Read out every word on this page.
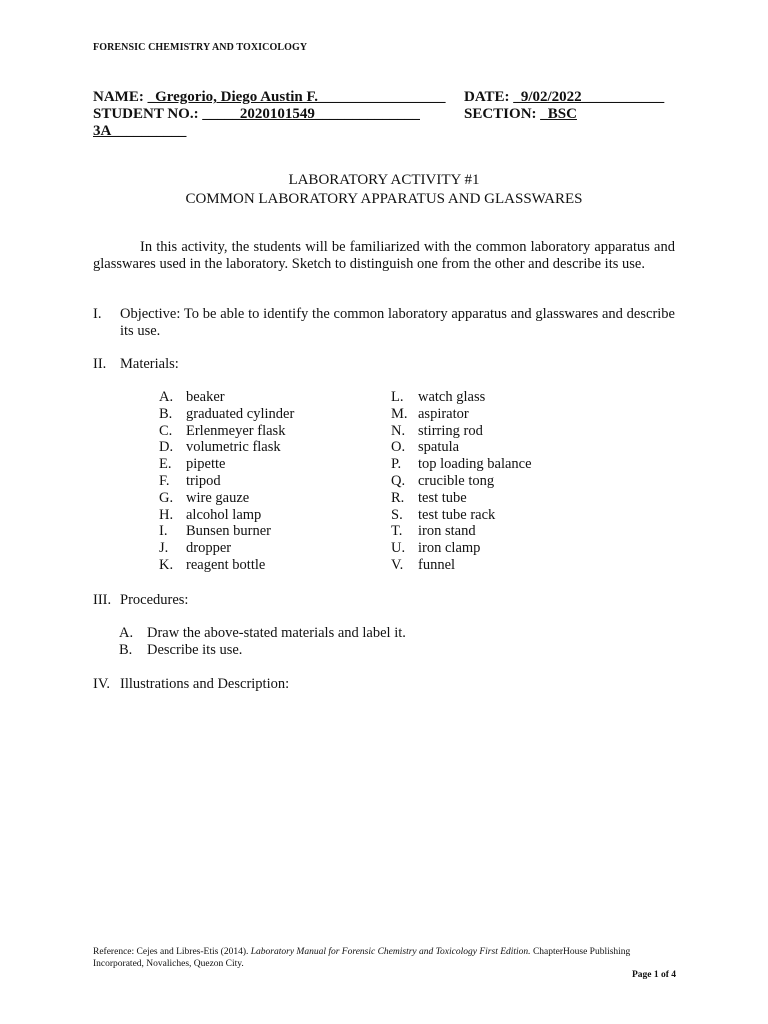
FORENSIC CHEMISTRY AND TOXICOLOGY
NAME: _Gregorio, Diego Austin F._________________ DATE: _9/02/2022___________
STUDENT NO.: _____2020101549______________	SECTION: _BSC
3A__________
LABORATORY ACTIVITY #1
COMMON LABORATORY APPARATUS AND GLASSWARES
In this activity, the students will be familiarized with the common laboratory apparatus and glasswares used in the laboratory. Sketch to distinguish one from the other and describe its use.
I. Objective: To be able to identify the common laboratory apparatus and glasswares and describe its use.
II. Materials:
A. beaker
B. graduated cylinder
C. Erlenmeyer flask
D. volumetric flask
E. pipette
F. tripod
G. wire gauze
H. alcohol lamp
I. Bunsen burner
J. dropper
K. reagent bottle
L. watch glass
M. aspirator
N. stirring rod
O. spatula
P. top loading balance
Q. crucible tong
R. test tube
S. test tube rack
T. iron stand
U. iron clamp
V. funnel
III. Procedures:
A. Draw the above-stated materials and label it.
B. Describe its use.
IV. Illustrations and Description:
Reference: Cejes and Libres-Etis (2014). Laboratory Manual for Forensic Chemistry and Toxicology First Edition. ChapterHouse Publishing Incorporated, Novaliches, Quezon City.
Page 1 of 4
